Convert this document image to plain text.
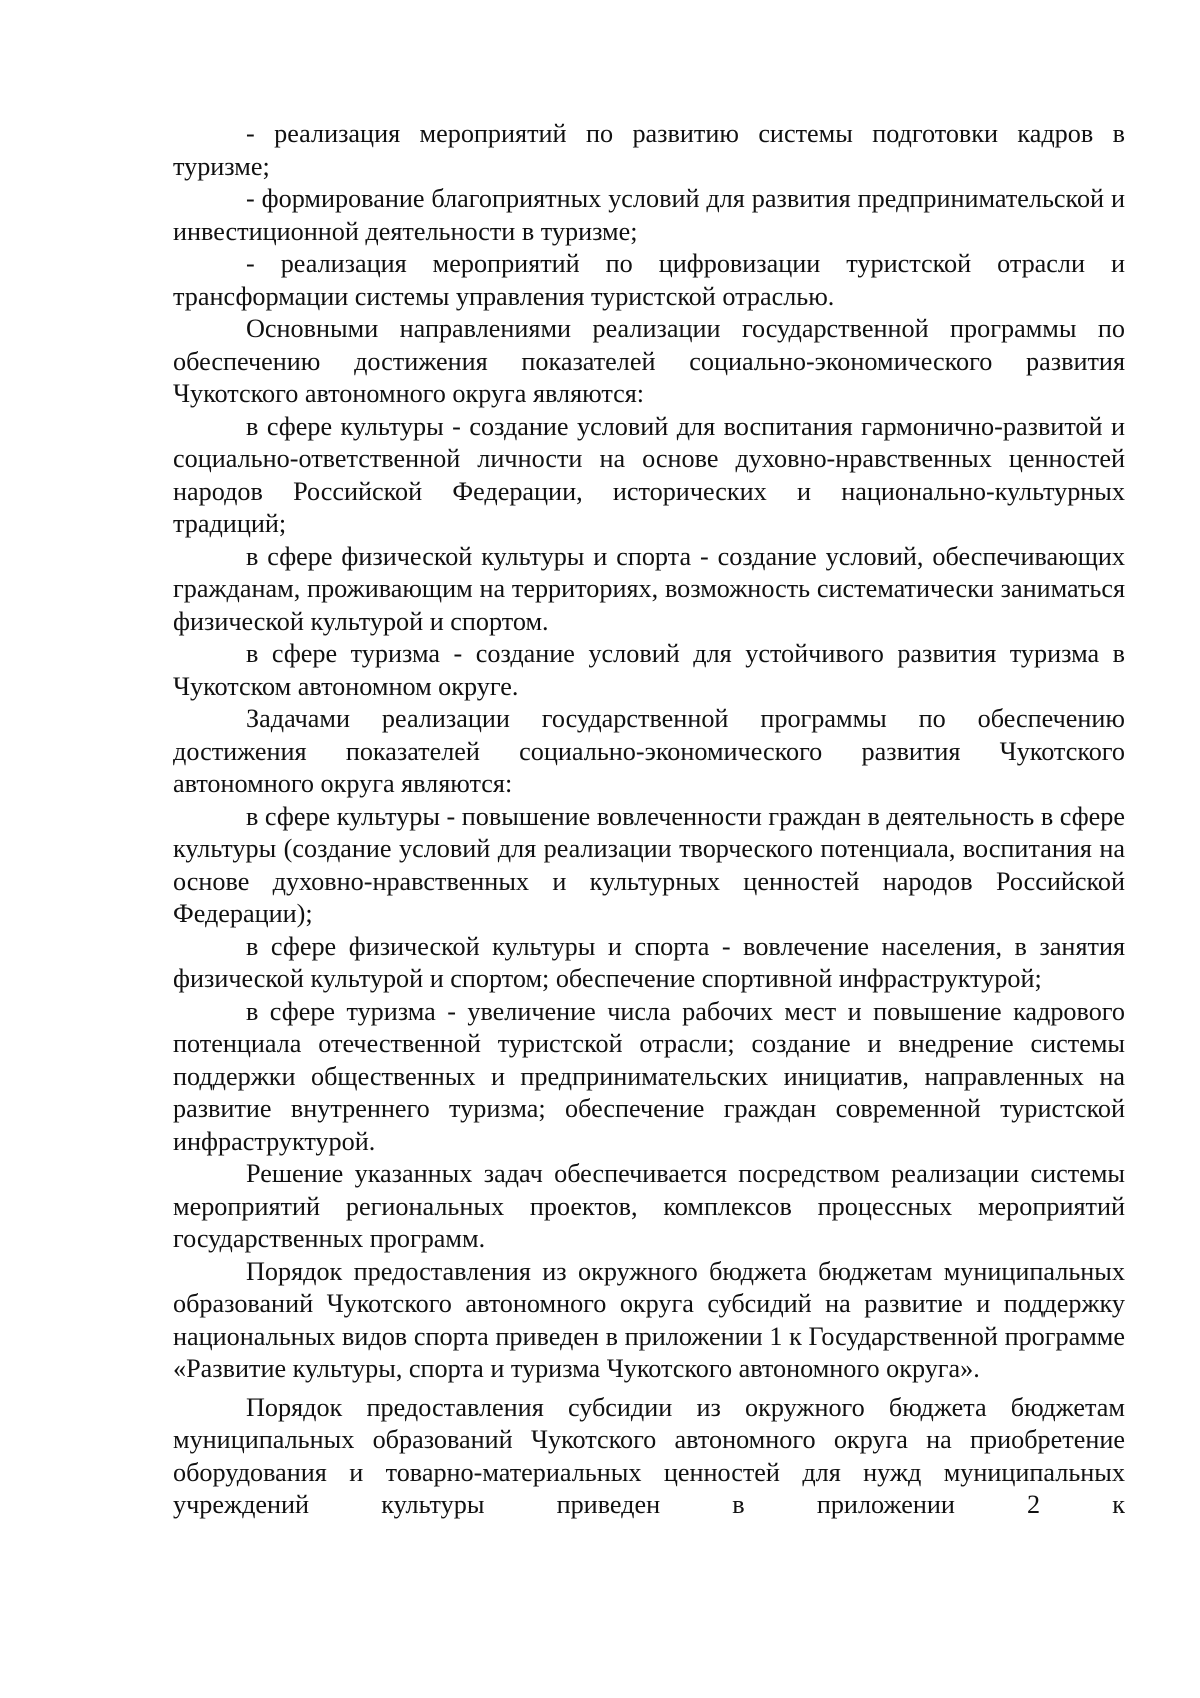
- реализация мероприятий по развитию системы подготовки кадров в туризме;

- формирование благоприятных условий для развития предпринимательской и инвестиционной деятельности в туризме;

- реализация мероприятий по цифровизации туристской отрасли и трансформации системы управления туристской отраслью.

Основными направлениями реализации государственной программы по обеспечению достижения показателей социально-экономического развития Чукотского автономного округа являются:

в сфере культуры - создание условий для воспитания гармонично-развитой и социально-ответственной личности на основе духовно-нравственных ценностей народов Российской Федерации, исторических и национально-культурных традиций;

в сфере физической культуры и спорта - создание условий, обеспечивающих гражданам, проживающим на территориях, возможность систематически заниматься физической культурой и спортом.

в сфере туризма - создание условий для устойчивого развития туризма в Чукотском автономном округе.

Задачами реализации государственной программы по обеспечению достижения показателей социально-экономического развития Чукотского автономного округа являются:

в сфере культуры - повышение вовлеченности граждан в деятельность в сфере культуры (создание условий для реализации творческого потенциала, воспитания на основе духовно-нравственных и культурных ценностей народов Российской Федерации);

в сфере физической культуры и спорта - вовлечение населения, в занятия физической культурой и спортом; обеспечение спортивной инфраструктурой;

в сфере туризма - увеличение числа рабочих мест и повышение кадрового потенциала отечественной туристской отрасли; создание и внедрение системы поддержки общественных и предпринимательских инициатив, направленных на развитие внутреннего туризма; обеспечение граждан современной туристской инфраструктурой.

Решение указанных задач обеспечивается посредством реализации системы мероприятий региональных проектов, комплексов процессных мероприятий государственных программ.

Порядок предоставления из окружного бюджета бюджетам муниципальных образований Чукотского автономного округа субсидий на развитие и поддержку национальных видов спорта приведен в приложении 1 к Государственной программе «Развитие культуры, спорта и туризма Чукотского автономного округа».

Порядок предоставления субсидии из окружного бюджета бюджетам муниципальных образований Чукотского автономного округа на приобретение оборудования и товарно-материальных ценностей для нужд муниципальных учреждений культуры приведен в приложении 2 к
